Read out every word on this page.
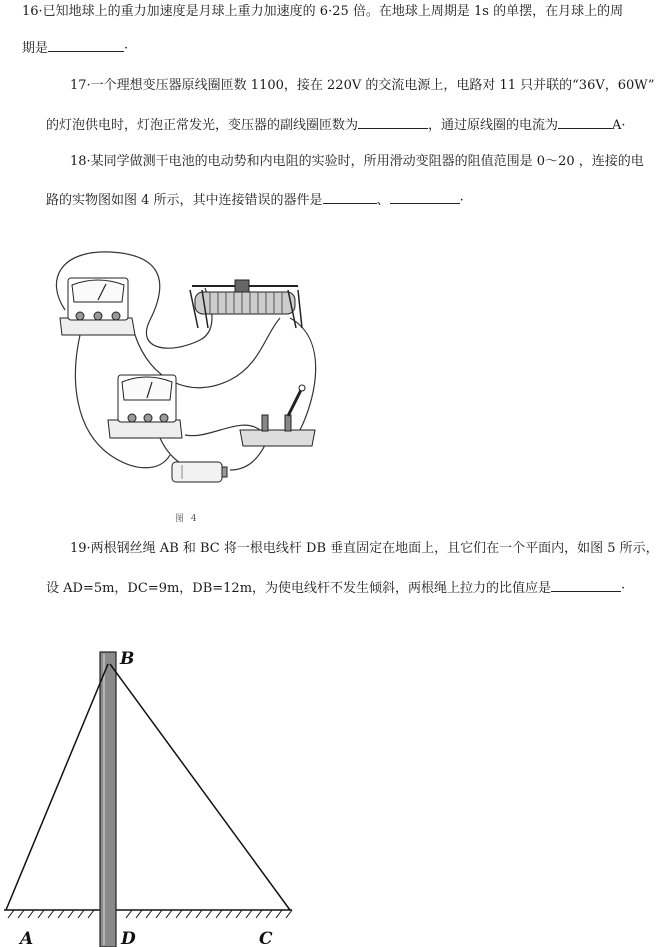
16·已知地球上的重力加速度是月球上重力加速度的 6·25 倍。在地球上周期是 1s 的单摆，在月球上的周
期是	·
17·一个理想变压器原线圈匝数 1100，接在 220V 的交流电源上，电路对 11 只并联的“36V，60W”
的灯泡供电时，灯泡正常发光，变压器的副线圈匝数为	，通过原线圈的电流为	A·
18·某同学做测干电池的电动势和内电阻的实验时，所用滑动变阻器的阻值范围是 0～20 ，连接的电
路的实物图如图 4 所示，其中连接错误的器件是	、	·
图 4
19·两根钢丝绳 AB 和 BC 将一根电线杆 DB 垂直固定在地面上，且它们在一个平面内，如图 5 所示，
设 AD=5m，DC=9m，DB=12m，为使电线杆不发生倾斜，两根绳上拉力的比值应是	·
B
A	D	C
